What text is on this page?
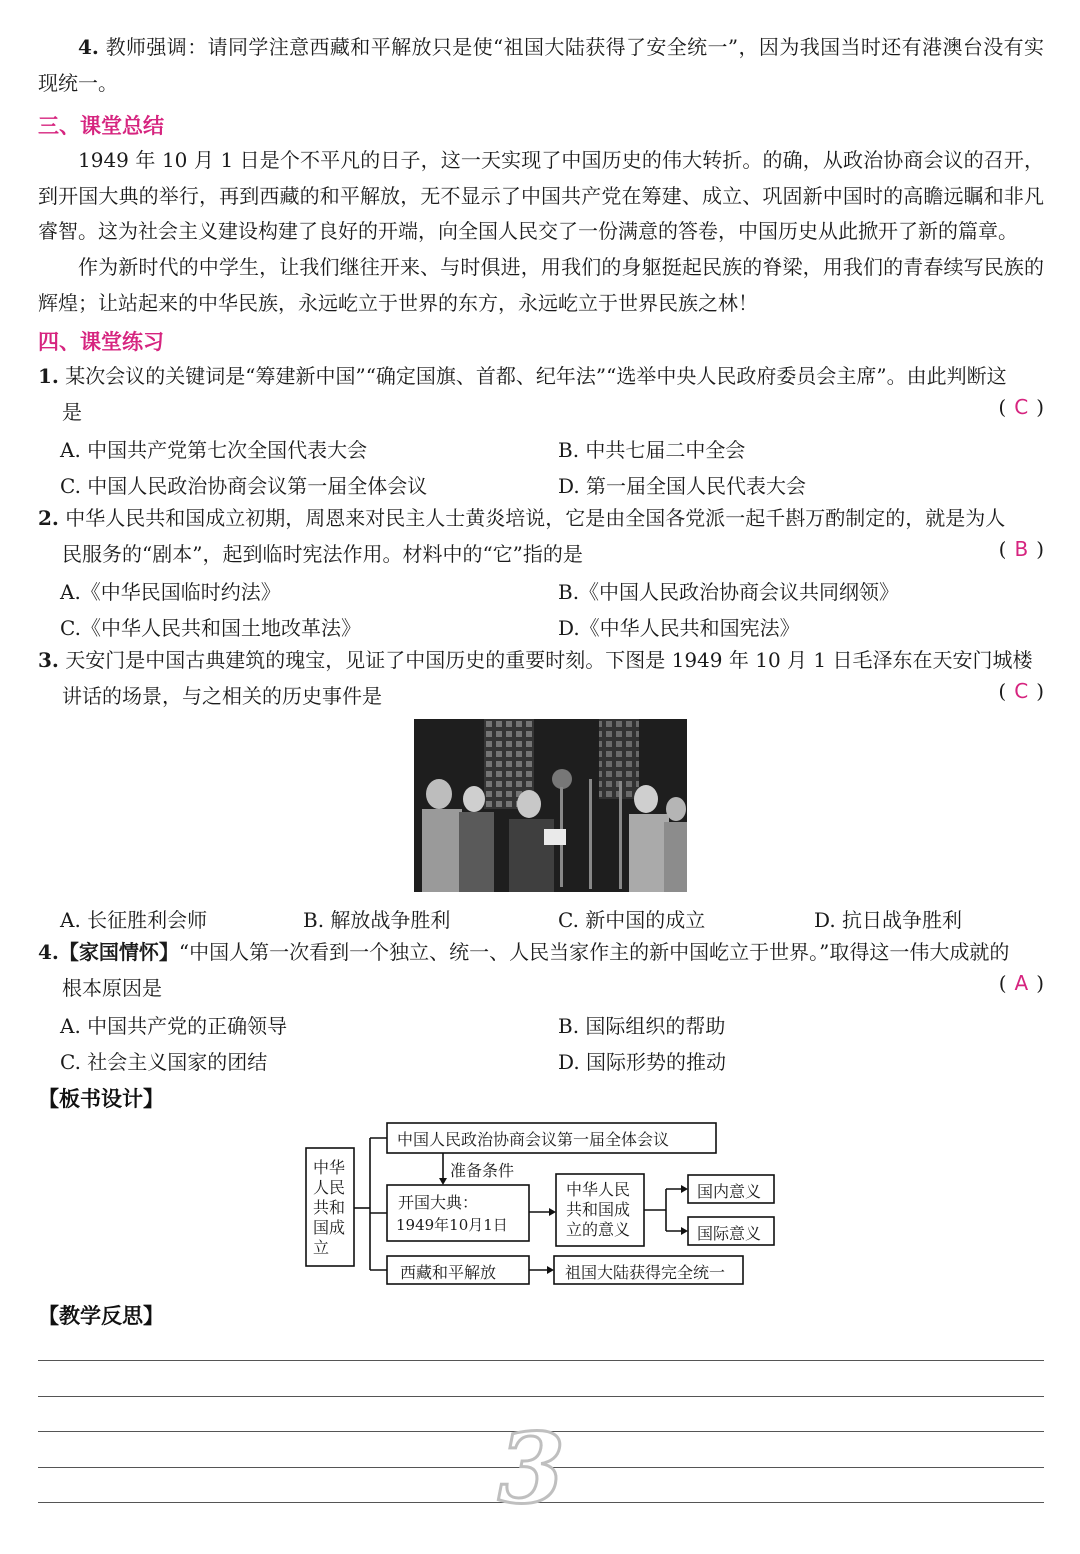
4. 教师强调：请同学注意西藏和平解放只是使“祖国大陆获得了安全统一”，因为我国当时还有港澳台没有实现统一。
三、课堂总结
1949 年 10 月 1 日是个不平凡的日子，这一天实现了中国历史的伟大转折。的确，从政治协商会议的召开，到开国大典的举行，再到西藏的和平解放，无不显示了中国共产党在筹建、成立、巩固新中国时的高瞻远瞩和非凡睿智。这为社会主义建设构建了良好的开端，向全国人民交了一份满意的答卷，中国历史从此掀开了新的篇章。
作为新时代的中学生，让我们继往开来、与时俱进，用我们的身躯挺起民族的脊梁，用我们的青春续写民族的辉煌；让站起来的中华民族，永远屹立于世界的东方，永远屹立于世界民族之林！
四、课堂练习
1. 某次会议的关键词是“筹建新中国”“确定国旗、首都、纪年法”“选举中央人民政府委员会主席”。由此判断这
是	( C )
A. 中国共产党第七次全国代表大会	B. 中共七届二中全会
C. 中国人民政治协商会议第一届全体会议	D. 第一届全国人民代表大会
2. 中华人民共和国成立初期，周恩来对民主人士黄炎培说，它是由全国各党派一起千斟万酌制定的，就是为人
民服务的“剧本”，起到临时宪法作用。材料中的“它”指的是	( B )
A.《中华民国临时约法》	B.《中国人民政治协商会议共同纲领》
C.《中华人民共和国土地改革法》	D.《中华人民共和国宪法》
3. 天安门是中国古典建筑的瑰宝，见证了中国历史的重要时刻。下图是 1949 年 10 月 1 日毛泽东在天安门城楼
讲话的场景，与之相关的历史事件是	( C )
A. 长征胜利会师	B. 解放战争胜利	C. 新中国的成立	D. 抗日战争胜利
4.【家国情怀】“中国人第一次看到一个独立、统一、人民当家作主的新中国屹立于世界。”取得这一伟大成就的
根本原因是	( A )
A. 中国共产党的正确领导	B. 国际组织的帮助
C. 社会主义国家的团结	D. 国际形势的推动
【板书设计】
中华人民共和国成立
中国人民政治协商会议第一届全体会议
准备条件
开国大典：
1949年10月1日
中华人民
共和国成
立的意义
国内意义
国际意义
西藏和平解放	祖国大陆获得完全统一
【教学反思】
3
